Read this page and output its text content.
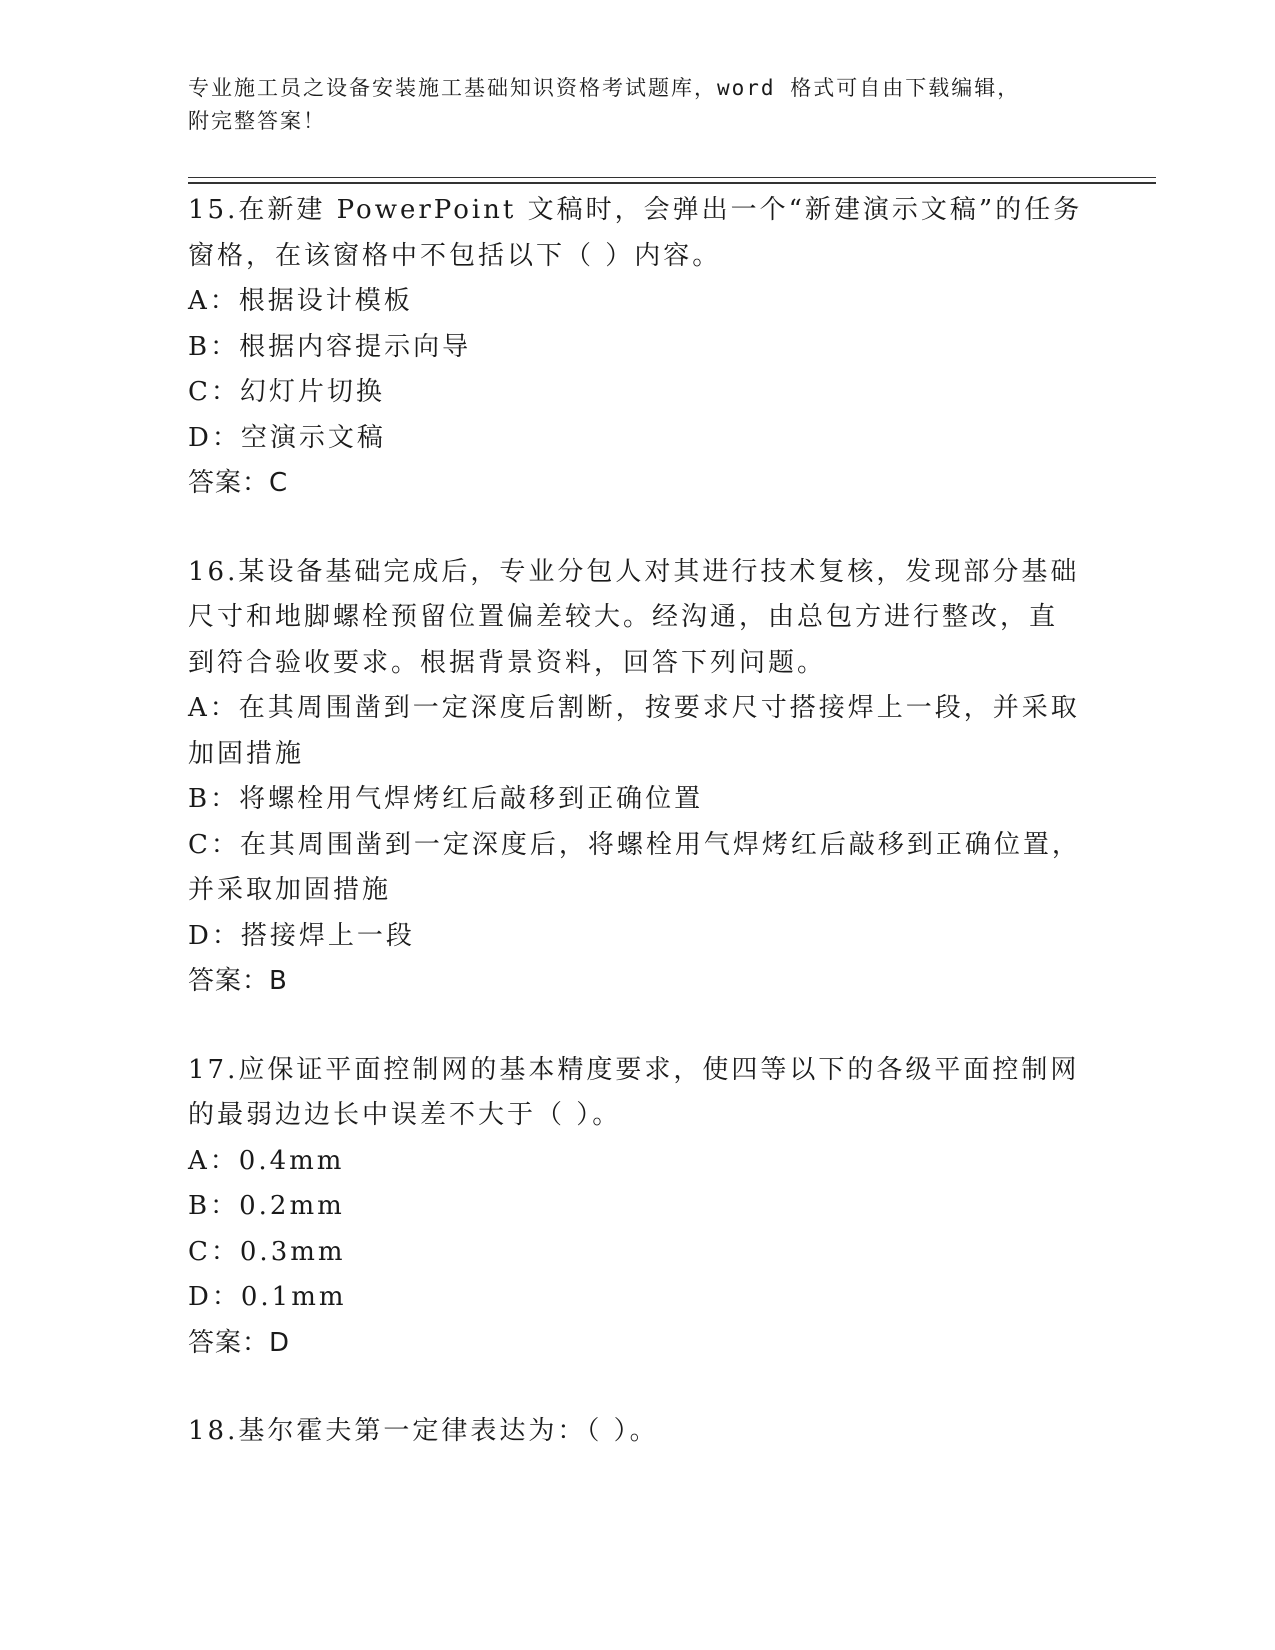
专业施工员之设备安装施工基础知识资格考试题库，word 格式可自由下载编辑，
附完整答案！
15.在新建 PowerPoint 文稿时，会弹出一个“新建演示文稿”的任务
窗格，在该窗格中不包括以下（ ）内容。
A：根据设计模板
B：根据内容提示向导
C：幻灯片切换
D：空演示文稿
答案：C
16.某设备基础完成后，专业分包人对其进行技术复核，发现部分基础
尺寸和地脚螺栓预留位置偏差较大。经沟通，由总包方进行整改，直
到符合验收要求。根据背景资料，回答下列问题。
A：在其周围凿到一定深度后割断，按要求尺寸搭接焊上一段，并采取
加固措施
B：将螺栓用气焊烤红后敲移到正确位置
C：在其周围凿到一定深度后，将螺栓用气焊烤红后敲移到正确位置，
并采取加固措施
D：搭接焊上一段
答案：B
17.应保证平面控制网的基本精度要求，使四等以下的各级平面控制网
的最弱边边长中误差不大于（ ）。
A：0.4mm
B：0.2mm
C：0.3mm
D：0.1mm
答案：D
18.基尔霍夫第一定律表达为：（ ）。
